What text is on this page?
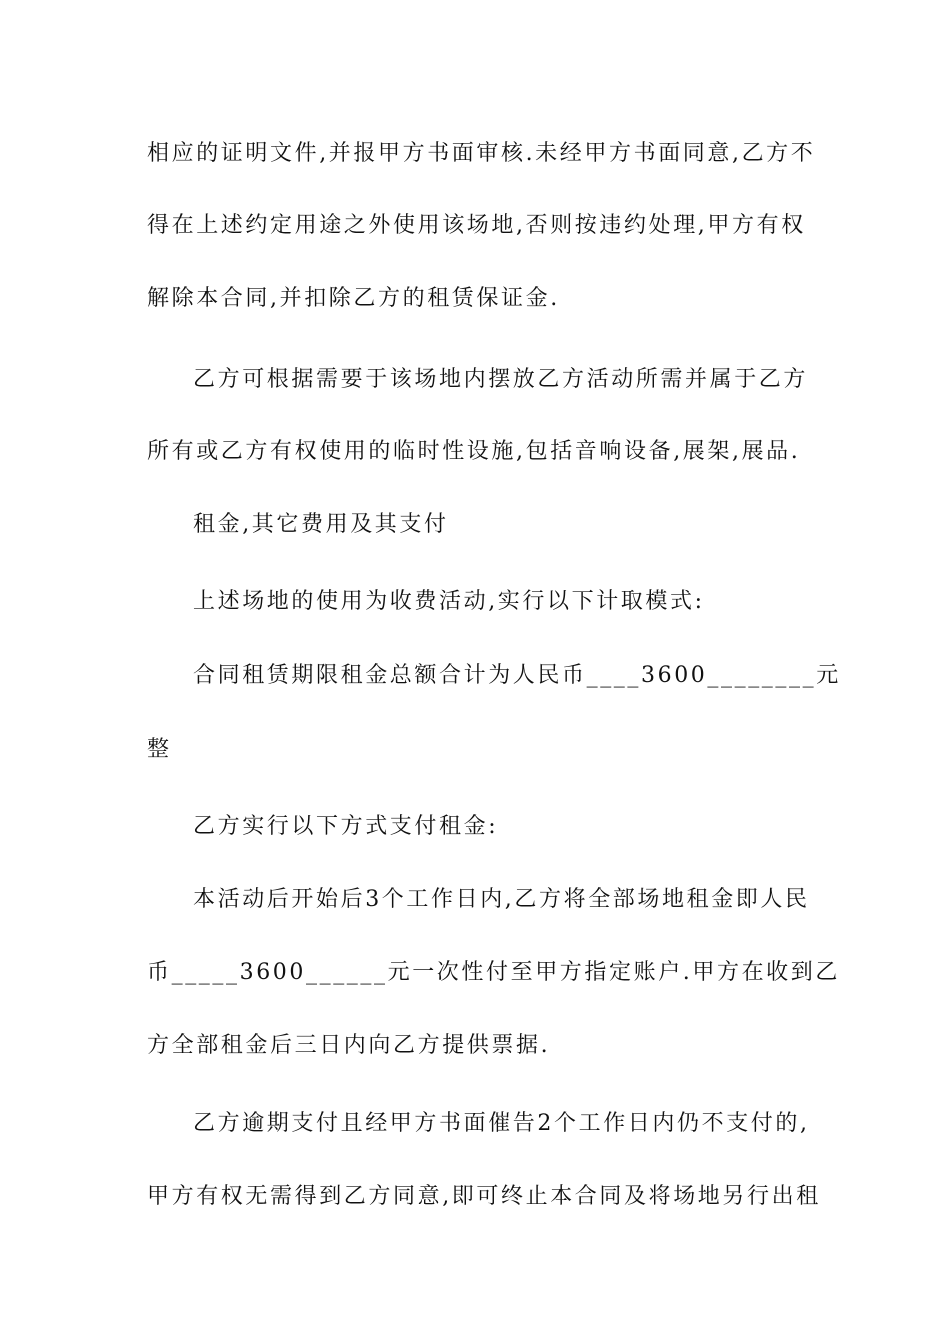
相应的证明文件,并报甲方书面审核.未经甲方书面同意,乙方不
得在上述约定用途之外使用该场地,否则按违约处理,甲方有权
解除本合同,并扣除乙方的租赁保证金.
乙方可根据需要于该场地内摆放乙方活动所需并属于乙方
所有或乙方有权使用的临时性设施,包括音响设备,展架,展品.
租金,其它费用及其支付
上述场地的使用为收费活动,实行以下计取模式:
合同租赁期限租金总额合计为人民币____3600________元
整
乙方实行以下方式支付租金:
本活动后开始后3个工作日内,乙方将全部场地租金即人民
币_____3600______元一次性付至甲方指定账户.甲方在收到乙
方全部租金后三日内向乙方提供票据.
乙方逾期支付且经甲方书面催告2个工作日内仍不支付的,
甲方有权无需得到乙方同意,即可终止本合同及将场地另行出租
